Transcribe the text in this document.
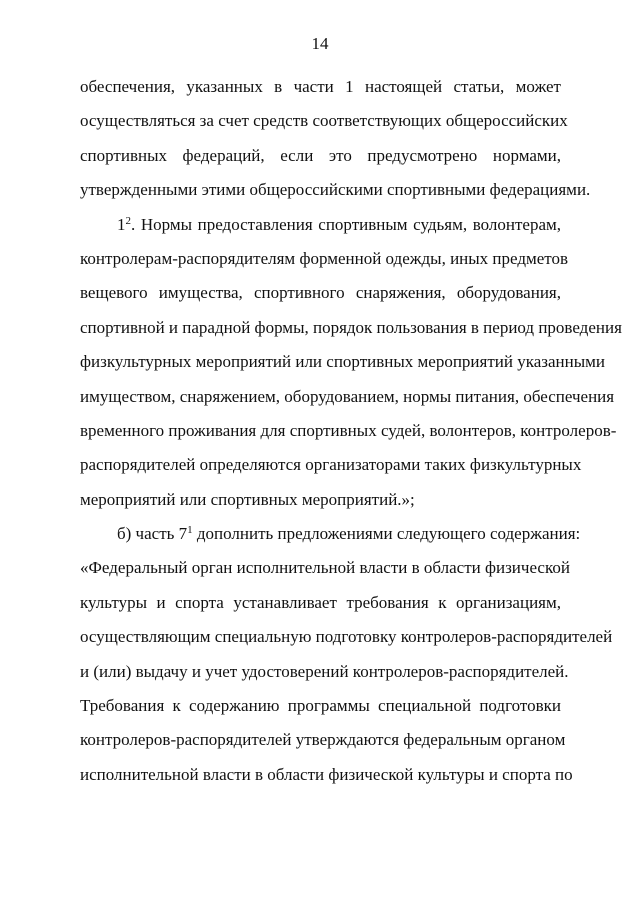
14
обеспечения, указанных в части 1 настоящей статьи, может
осуществляться за счет средств соответствующих общероссийских
спортивных федераций, если это предусмотрено нормами,
утвержденными этими общероссийскими спортивными федерациями.
$1^2$. Нормы предоставления спортивным судьям, волонтерам,
контролерам-распорядителям форменной одежды, иных предметов
вещевого имущества, спортивного снаряжения, оборудования,
спортивной и парадной формы, порядок пользования в период проведения
физкультурных мероприятий или спортивных мероприятий указанными
имуществом, снаряжением, оборудованием, нормы питания, обеспечения
временного проживания для спортивных судей, волонтеров, контролеров-
распорядителей определяются организаторами таких физкультурных
мероприятий или спортивных мероприятий.»;
б) часть $7^1$ дополнить предложениями следующего содержания:
«Федеральный орган исполнительной власти в области физической
культуры и спорта устанавливает требования к организациям,
осуществляющим специальную подготовку контролеров-распорядителей
и (или) выдачу и учет удостоверений контролеров-распорядителей.
Требования к содержанию программы специальной подготовки
контролеров-распорядителей утверждаются федеральным органом
исполнительной власти в области физической культуры и спорта по
